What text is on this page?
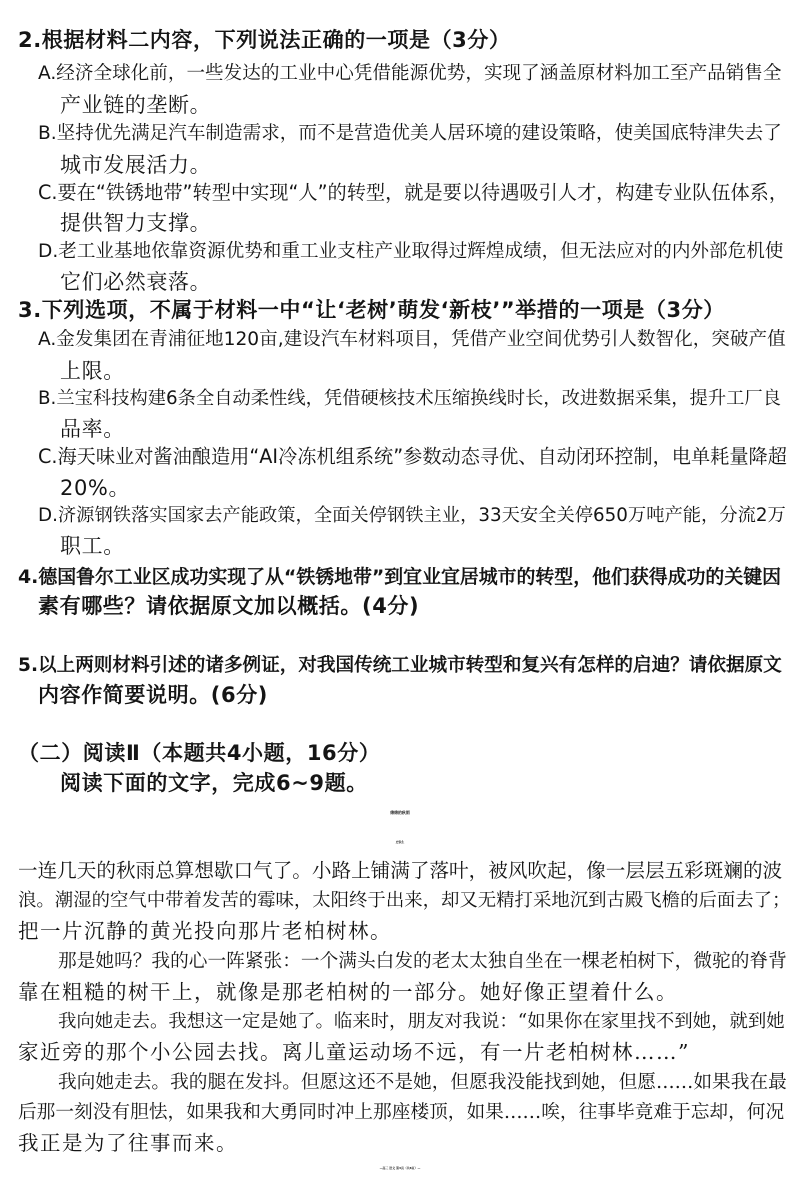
2.根据材料二内容，下列说法正确的一项是（3分）
A.经济全球化前，一些发达的工业中心凭借能源优势，实现了涵盖原材料加工至产品销售全
产业链的垄断。
B.坚持优先满足汽车制造需求，而不是营造优美人居环境的建设策略，使美国底特津失去了
城市发展活力。
C.要在“铁锈地带”转型中实现“人”的转型，就是要以待遇吸引人才，构建专业队伍体系，
提供智力支撑。
D.老工业基地依靠资源优势和重工业支柱产业取得过辉煌成绩，但无法应对的内外部危机使
它们必然衰落。
3.下列选项，不属于材料一中“让‘老树’萌发‘新枝’”举措的一项是（3分）
A.金发集团在青浦征地120亩,建设汽车材料项目，凭借产业空间优势引人数智化，突破产值
上限。
B.兰宝科技构建6条全自动柔性线，凭借硬核技术压缩换线时长，改进数据采集，提升工厂良
品率。
C.海天味业对酱油酿造用“AI冷冻机组系统”参数动态寻优、自动闭环控制，电单耗量降超
20%。
D.济源钢铁落实国家去产能政策，全面关停钢铁主业，33天安全关停650万吨产能，分流2万
职工。
4.德国鲁尔工业区成功实现了从“铁锈地带”到宜业宜居城市的转型，他们获得成功的关键因
素有哪些？请依据原文加以概括。(4分)
5.以上两则材料引述的诸多例证，对我国传统工业城市转型和复兴有怎样的启迪？请依据原文
内容作简要说明。(6分)
（二）阅读Ⅱ（本题共4小题，16分）
阅读下面的文字，完成6~9题。
绵绵的秋雨
史铁生
一连几天的秋雨总算想歇口气了。小路上铺满了落叶，被风吹起，像一层层五彩斑斓的波
浪。潮湿的空气中带着发苦的霉味，太阳终于出来，却又无精打采地沉到古殿飞檐的后面去了；
把一片沉静的黄光投向那片老柏树林。
那是她吗？我的心一阵紧张：一个满头白发的老太太独自坐在一棵老柏树下，微驼的脊背
靠在粗糙的树干上，就像是那老柏树的一部分。她好像正望着什么。
我向她走去。我想这一定是她了。临来时，朋友对我说：“如果你在家里找不到她，就到她
家近旁的那个小公园去找。离儿童运动场不远，有一片老柏树林……”
我向她走去。我的腿在发抖。但愿这还不是她，但愿我没能找到她，但愿……如果我在最
后那一刻没有胆怯，如果我和大勇同时冲上那座楼顶，如果……唉，往事毕竟难于忘却，何况
我正是为了往事而来。
—高三 语文 第3页（共8页）—
